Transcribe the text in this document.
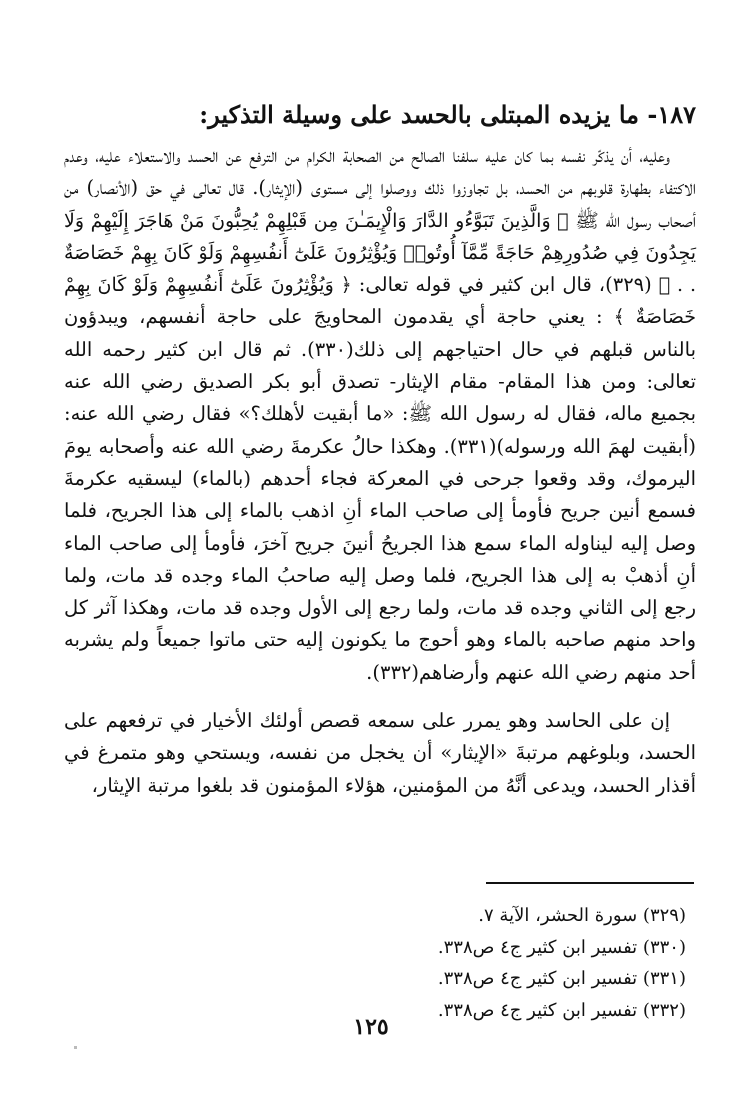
١٨٧- ما يزيده المبتلى بالحسد على وسيلة التذكير:

وعليه، أن يذكّر نفسه بما كان عليه سلفنا الصالح من الصحابة الكرام من الترفع عن الحسد والاستعلاء عليه، وعدم الاكتفاء بطهارة قلوبهم من الحسد، بل تجاوزوا ذلك ووصلوا إلى مستوى (الإيثار). قال تعالى في حق (الأنصار) من أصحاب رسول الله ﷺ ﴿ وَالَّذِينَ تَبَوَّءُو الدَّارَ وَالْإِيمَـٰنَ مِن قَبْلِهِمْ يُحِبُّونَ مَنْ هَاجَرَ إِلَيْهِمْ وَلَا يَجِدُونَ فِي صُدُورِهِمْ حَاجَةً مِّمَّآ أُوتُوا۟ وَيُؤْثِرُونَ عَلَىٰٓ أَنفُسِهِمْ وَلَوْ كَانَ بِهِمْ خَصَاصَةٌ . . ﴾ (٣٢٩)، قال ابن كثير في قوله تعالى: ﴿ وَيُؤْثِرُونَ عَلَىٰٓ أَنفُسِهِمْ وَلَوْ كَانَ بِهِمْ خَصَاصَةٌ ﴾ : يعني حاجة أي يقدمون المحاويجَ على حاجة أنفسهم، ويبدؤون بالناس قبلهم في حال احتياجهم إلى ذلك(٣٣٠). ثم قال ابن كثير رحمه الله تعالى: ومن هذا المقام- مقام الإيثار- تصدق أبو بكر الصديق رضي الله عنه بجميع ماله، فقال له رسول الله ﷺ: «ما أبقيت لأهلك؟» فقال رضي الله عنه: (أبقيت لهمَ الله ورسوله)(٣٣١). وهكذا حالُ عكرمةَ رضي الله عنه وأصحابه يومَ اليرموك، وقد وقعوا جرحى في المعركة فجاء أحدهم (بالماء) ليسقيه عكرمةَ فسمع أنين جريح فأومأ إلى صاحب الماء أنِ اذهب بالماء إلى هذا الجريح، فلما وصل إليه ليناوله الماء سمع هذا الجريحُ أنينَ جريح آخرَ، فأومأ إلى صاحب الماء أنِ أذهبْ به إلى هذا الجريح، فلما وصل إليه صاحبُ الماء وجده قد مات، ولما رجع إلى الثاني وجده قد مات، ولما رجع إلى الأول وجده قد مات، وهكذا آثر كل واحد منهم صاحبه بالماء وهو أحوج ما يكونون إليه حتى ماتوا جميعاً ولم يشربه أحد منهم رضي الله عنهم وأرضاهم(٣٣٢).

إن على الحاسد وهو يمرر على سمعه قصص أولئك الأخيار في ترفعهم على الحسد، وبلوغهم مرتبةَ «الإيثار» أن يخجل من نفسه، ويستحي وهو متمرغ في أقذار الحسد، ويدعى أنَّهُ من المؤمنين، هؤلاء المؤمنون قد بلغوا مرتبة الإيثار،

(٣٢٩) سورة الحشر، الآية ٧.

(٣٣٠) تفسير ابن كثير ج٤ ص٣٣٨.

(٣٣١) تفسير ابن كثير ج٤ ص٣٣٨.

(٣٣٢) تفسير ابن كثير ج٤ ص٣٣٨.

١٢٥
